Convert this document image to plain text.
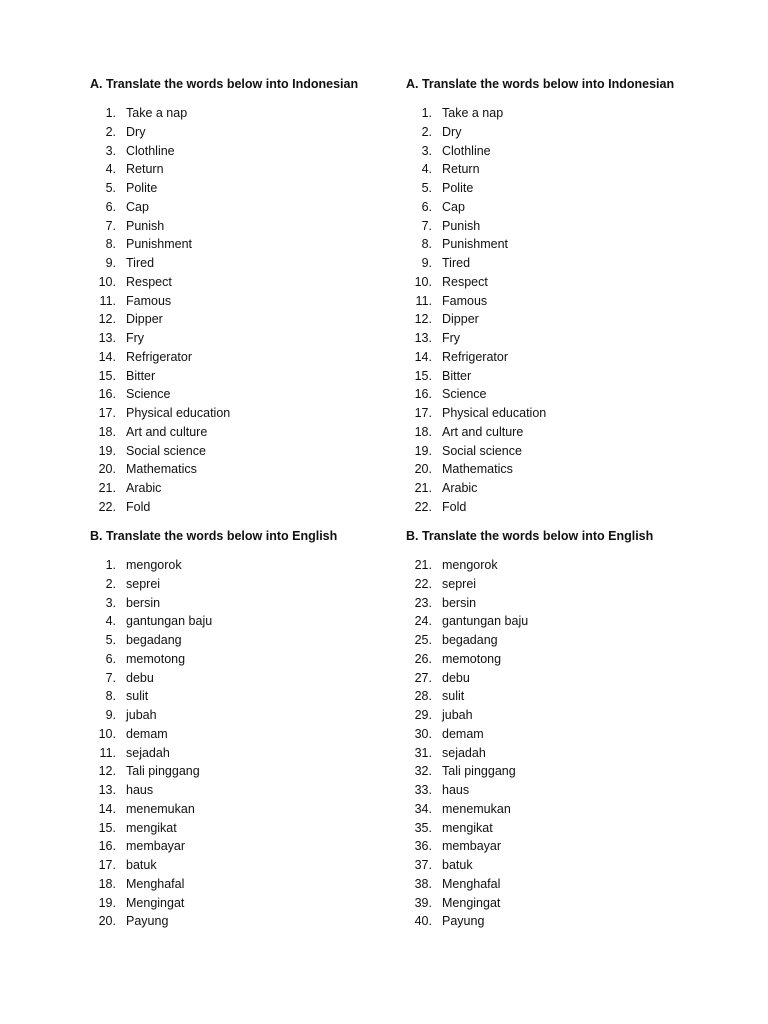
A. Translate the words below into Indonesian
1. Take a nap
2. Dry
3. Clothline
4. Return
5. Polite
6. Cap
7. Punish
8. Punishment
9. Tired
10. Respect
11. Famous
12. Dipper
13. Fry
14. Refrigerator
15. Bitter
16. Science
17. Physical education
18. Art and culture
19. Social science
20. Mathematics
21. Arabic
22. Fold
B. Translate the words below into English
1. mengorok
2. seprei
3. bersin
4. gantungan baju
5. begadang
6. memotong
7. debu
8. sulit
9. jubah
10. demam
11. sejadah
12. Tali pinggang
13. haus
14. menemukan
15. mengikat
16. membayar
17. batuk
18. Menghafal
19. Mengingat
20. Payung
A. Translate the words below into Indonesian
1. Take a nap
2. Dry
3. Clothline
4. Return
5. Polite
6. Cap
7. Punish
8. Punishment
9. Tired
10. Respect
11. Famous
12. Dipper
13. Fry
14. Refrigerator
15. Bitter
16. Science
17. Physical education
18. Art and culture
19. Social science
20. Mathematics
21. Arabic
22. Fold
B. Translate the words below into English
21. mengorok
22. seprei
23. bersin
24. gantungan baju
25. begadang
26. memotong
27. debu
28. sulit
29. jubah
30. demam
31. sejadah
32. Tali pinggang
33. haus
34. menemukan
35. mengikat
36. membayar
37. batuk
38. Menghafal
39. Mengingat
40. Payung
